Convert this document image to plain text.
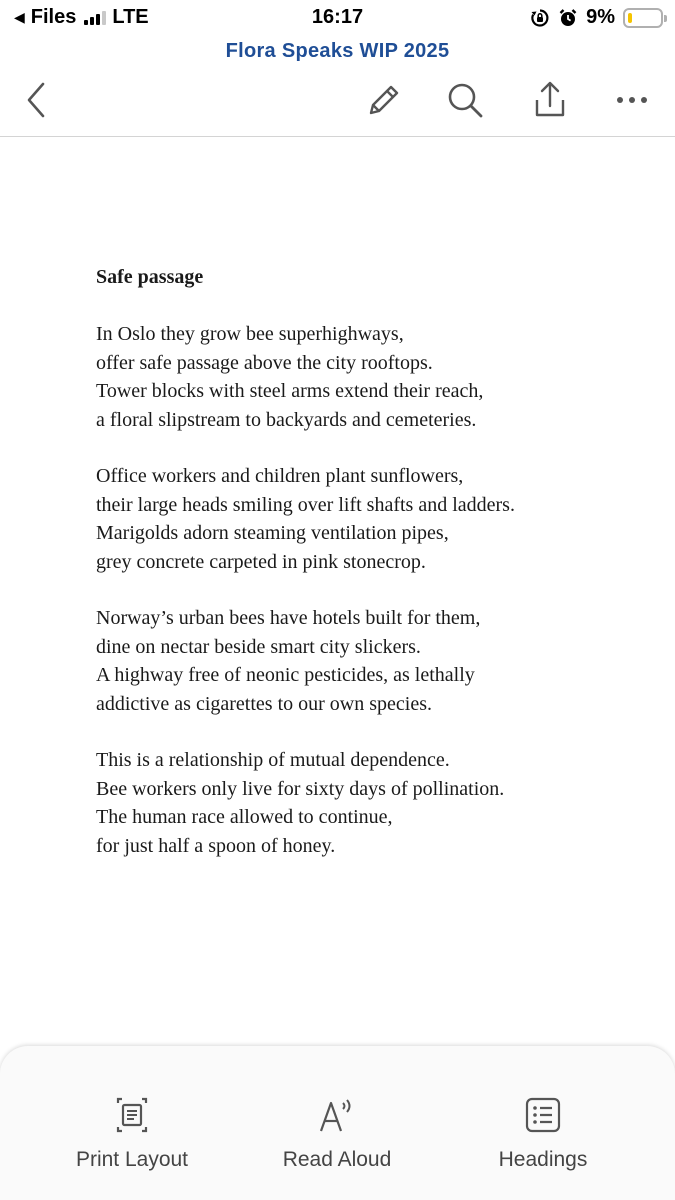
◀ Files LTE	16:17	9%
Flora Speaks WIP 2025
Safe passage
In Oslo they grow bee superhighways,
offer safe passage above the city rooftops.
Tower blocks with steel arms extend their reach,
a floral slipstream to backyards and cemeteries.
Office workers and children plant sunflowers,
their large heads smiling over lift shafts and ladders.
Marigolds adorn steaming ventilation pipes,
grey concrete carpeted in pink stonecrop.
Norway’s urban bees have hotels built for them,
dine on nectar beside smart city slickers.
A highway free of neonic pesticides, as lethally
addictive as cigarettes to our own species.
This is a relationship of mutual dependence.
Bee workers only live for sixty days of pollination.
The human race allowed to continue,
for just half a spoon of honey.
Print Layout	Read Aloud	Headings
